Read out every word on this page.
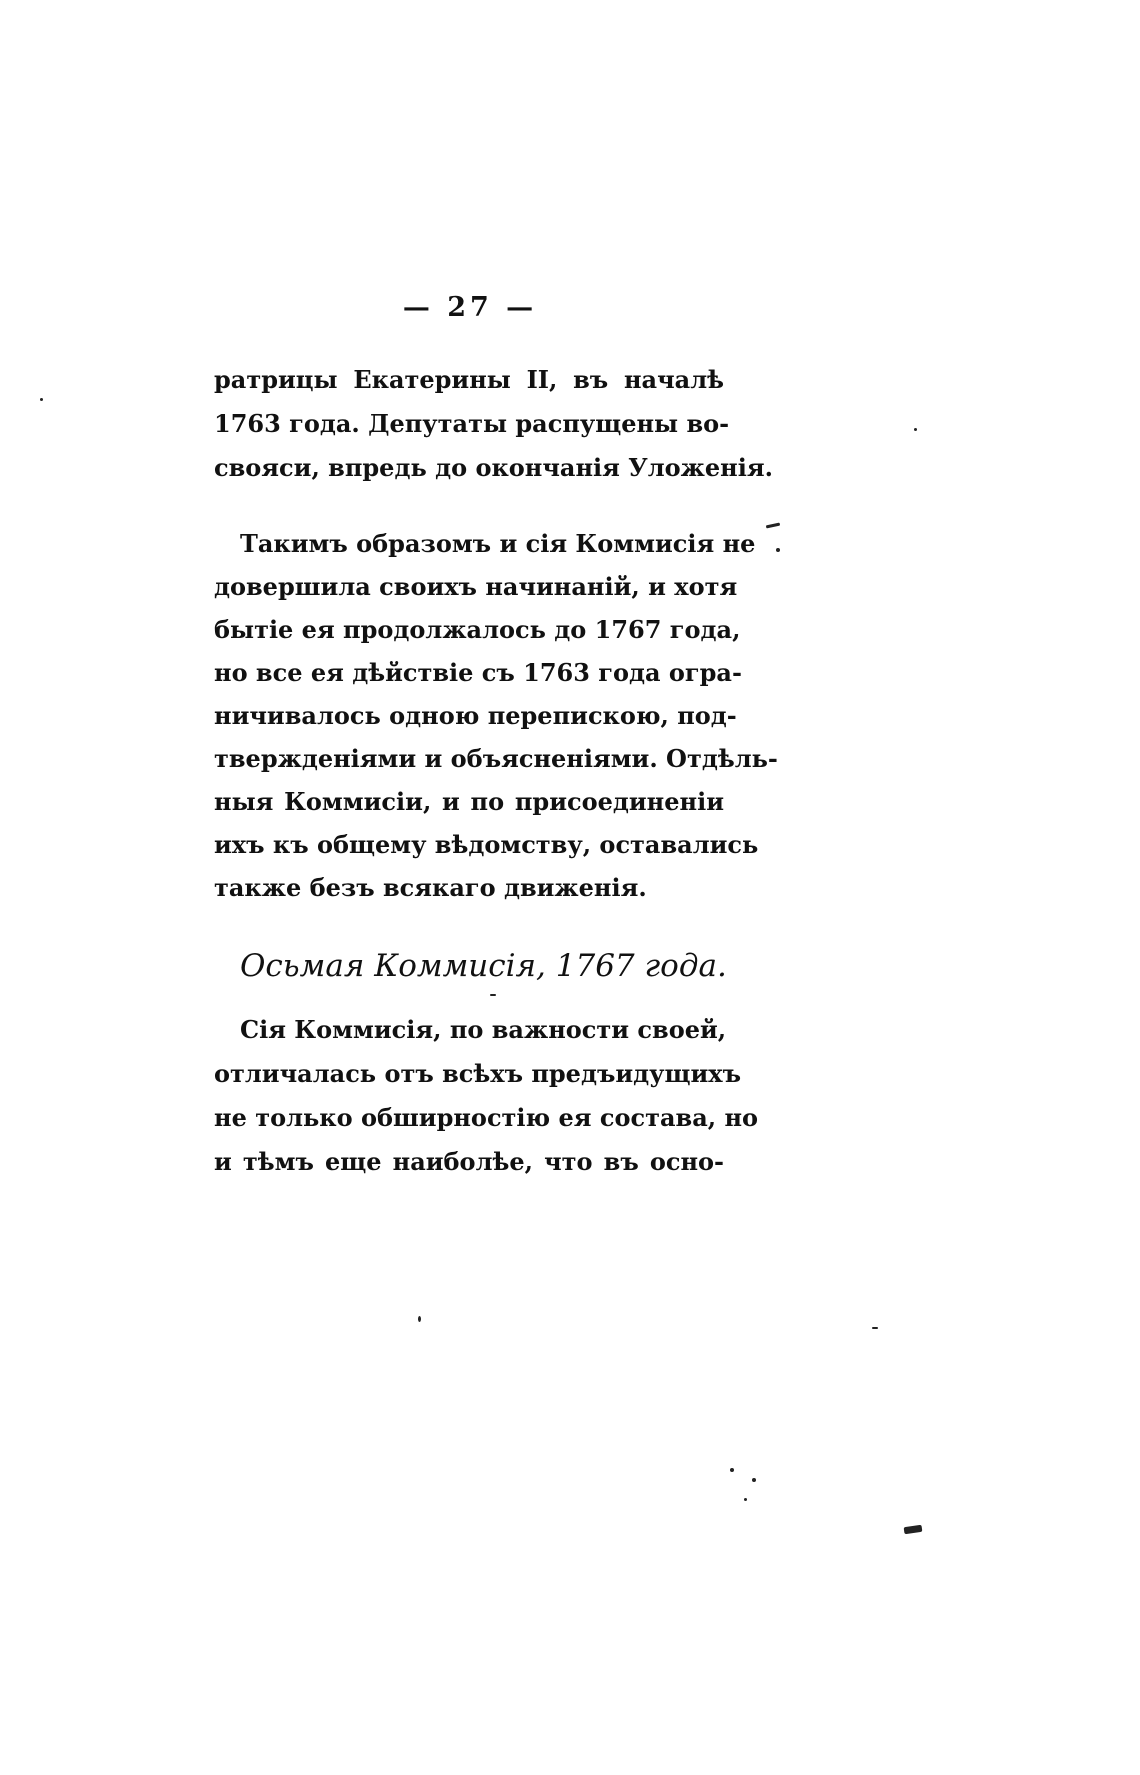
— 27 —
ратрицы Екатерины II, въ началѣ
1763 года. Депутаты распущены во-
свояси, впредь до окончанія Уложенія.
Такимъ образомъ и сія Коммисія не
довершила своихъ начинаній, и хотя
бытіе ея продолжалось до 1767 года,
но все ея дѣйствіе съ 1763 года огра-
ничивалось одною перепискою, под-
тверждeніями и объясненіями. Отдѣль-
ныя Коммисіи, и по присоединеніи
ихъ къ общему вѣдомству, оставались
также безъ всякаго движенія.
Осьмая Коммисія, 1767 года.
Сія Коммисія, по важности своей,
отличалась отъ всѣхъ предъидущихъ
не только обширностію ея состава, но
и тѣмъ еще наиболѣе, что въ осно-
